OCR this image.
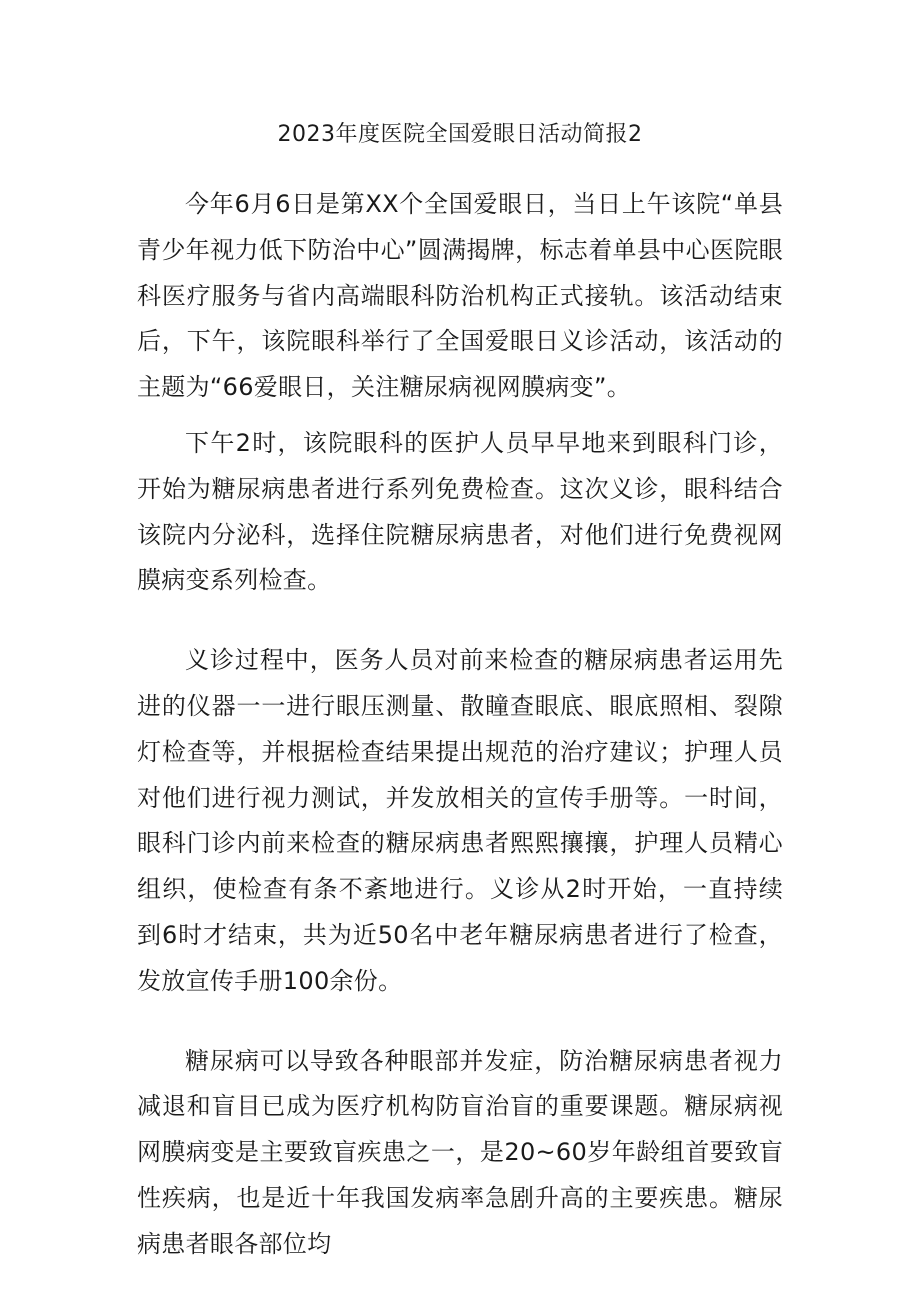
2023年度医院全国爱眼日活动简报2

今年6月6日是第XX个全国爱眼日，当日上午该院“单县青少年视力低下防治中心”圆满揭牌，标志着单县中心医院眼科医疗服务与省内高端眼科防治机构正式接轨。该活动结束后，下午，该院眼科举行了全国爱眼日义诊活动，该活动的主题为“66爱眼日，关注糖尿病视网膜病变”。

下午2时，该院眼科的医护人员早早地来到眼科门诊，开始为糖尿病患者进行系列免费检查。这次义诊，眼科结合该院内分泌科，选择住院糖尿病患者，对他们进行免费视网膜病变系列检查。

义诊过程中，医务人员对前来检查的糖尿病患者运用先进的仪器一一进行眼压测量、散瞳查眼底、眼底照相、裂隙灯检查等，并根据检查结果提出规范的治疗建议；护理人员对他们进行视力测试，并发放相关的宣传手册等。一时间，眼科门诊内前来检查的糖尿病患者熙熙攘攘，护理人员精心组织，使检查有条不紊地进行。义诊从2时开始，一直持续到6时才结束，共为近50名中老年糖尿病患者进行了检查，发放宣传手册100余份。

糖尿病可以导致各种眼部并发症，防治糖尿病患者视力减退和盲目已成为医疗机构防盲治盲的重要课题。糖尿病视网膜病变是主要致盲疾患之一，是20~60岁年龄组首要致盲性疾病，也是近十年我国发病率急剧升高的主要疾患。糖尿病患者眼各部位均
